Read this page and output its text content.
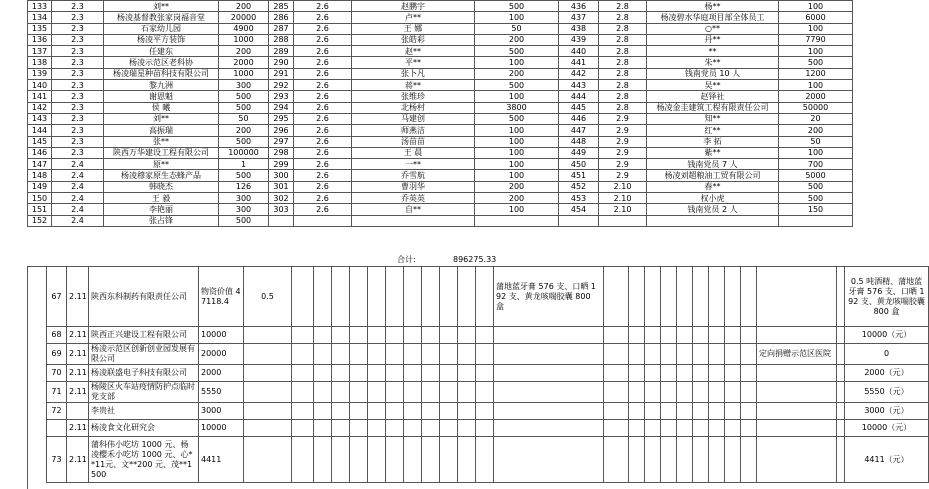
133	2.3	刘**	200	285	2.6	赵鹏宇	500	436	2.8	杨**	100
134	2.3	杨凌基督教张家岗福音堂	20000	286	2.6	卢**	100	437	2.8	杨凌碧水华庭项目部全体员工	6000
135	2.3	石家幼儿园	4900	287	2.6	王 娜	50	438	2.8	○**	100
136	2.3	杨凌平方装饰	1000	288	2.6	张皓彩	200	439	2.8	丹**	7790
137	2.3	任建东	200	289	2.6	赵**	500	440	2.8	**	100
138	2.3	杨凌示范区老科协	2000	290	2.6	平**	100	441	2.8	朱**	500
139	2.3	杨凌瑞星种苗科技有限公司	1000	291	2.6	张卜凡	200	442	2.8	钱南党员 10 人	1200
140	2.3	黎九洲	300	292	2.6	蒋**	500	443	2.8	吴**	100
141	2.3	谢恩魁	500	293	2.6	张维珍	100	444	2.8	赵铎社	2000
142	2.3	侯 曦	500	294	2.6	北杨村	3800	445	2.8	杨凌金圭建筑工程有限责任公司	50000
143	2.3	刘**	50	295	2.6	马建创	500	446	2.9	知**	20
144	2.3	高振瑞	200	296	2.6	师燕洁	100	447	2.9	红**	200
145	2.3	张**	500	297	2.6	汤苗苗	100	448	2.9	李 拓	50
146	2.3	陕西万华建设工程有限公司	100000	298	2.6	王 晨	100	449	2.9	紫**	100
147	2.4	原**	1	299	2.6	一**	100	450	2.9	钱南党员 7 人	700
148	2.4	杨凌穆家原生态蜂产品	500	300	2.6	乔雪航	100	451	2.9	杨凌刘超粮油工贸有限公司	5000
149	2.4	韩晓杰	126	301	2.6	曹羽华	200	452	2.10	春**	500
150	2.4	王 毅	300	302	2.6	乔英英	200	453	2.10	权小虎	500
151	2.4	李艳丽	300	303	2.6	自**	100	454	2.10	钱南党员 2 人	150
152	2.4	张占锋	500								
合计:	896275.33
67	2.11	陕西东科制药有限责任公司	物资价值 47118.4	0.5												蒲地蓝牙膏 576 支、口晒 192 支、黄龙咳喘胶囊 800 盒												0.5 吨酒精、蒲地蓝牙膏 576 支、口晒 192 支、黄龙咳喘胶囊 800 盒
68	2.11	陕西正兴建设工程有限公司	10000																									10000（元）
69	2.11	杨凌示范区创新创业园发展有限公司	20000																							定向捐赠示范区医院		0
70	2.11	杨凌联盛电子科技有限公司	2000																									2000（元）
71	2.11	杨陵区火车站疫情防护点临时党支部	5550																									5550（元）
72		李贵社	3000																									3000（元）
	2.11	杨凌食文化研究会	10000																									10000（元）
73	2.11	蒲科伟小吃坊 1000 元、杨凌樱禾小吃坊 1000 元、心**11元、文**200 元、茂**1500	4411																									4411（元）
